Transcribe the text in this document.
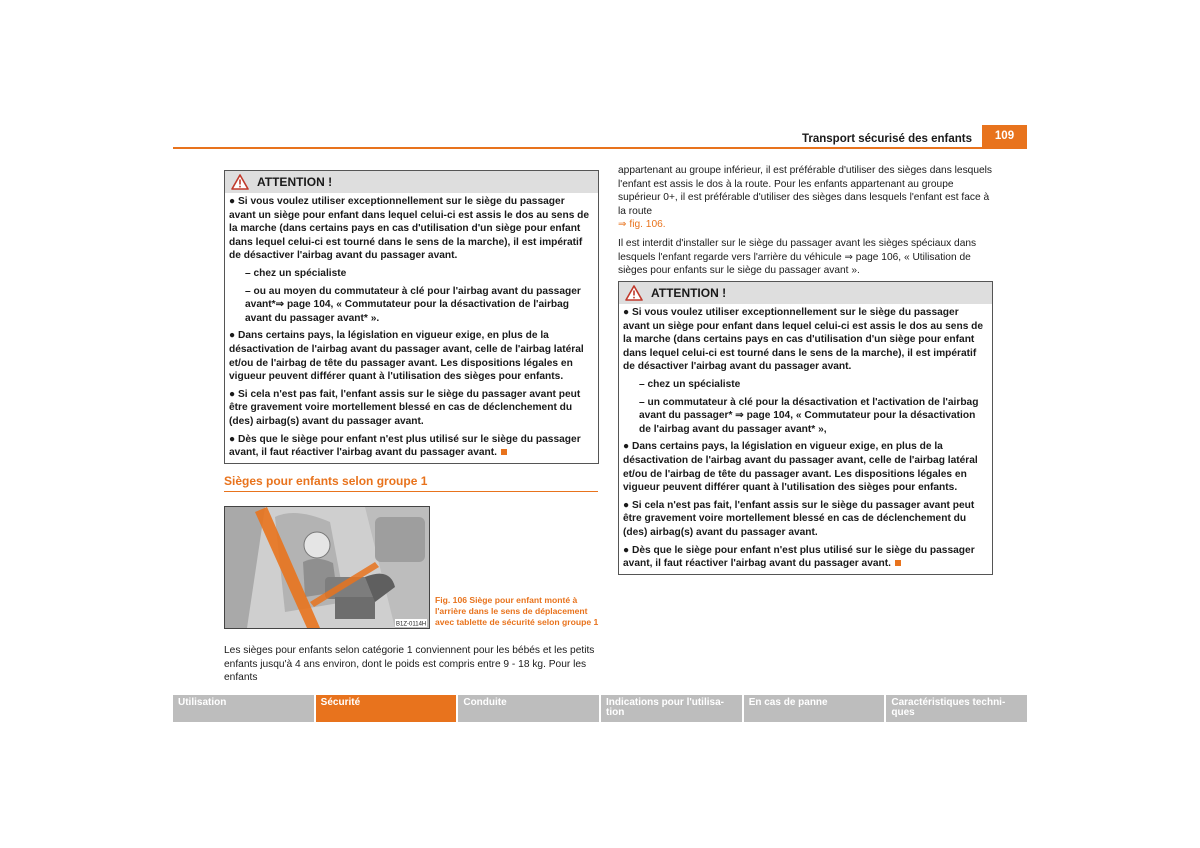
Transport sécurisé des enfants	109
ATTENTION !

● Si vous voulez utiliser exceptionnellement sur le siège du passager avant un siège pour enfant dans lequel celui-ci est assis le dos au sens de la marche (dans certains pays en cas d'utilisation d'un siège pour enfant dans lequel celui-ci est tourné dans le sens de la marche), il est impératif de désactiver l'airbag avant du passager avant.

– chez un spécialiste

– ou au moyen du commutateur à clé pour l'airbag avant du passager avant*⇒ page 104, « Commutateur pour la désactivation de l'airbag avant du passager avant* ».

● Dans certains pays, la législation en vigueur exige, en plus de la désactivation de l'airbag avant du passager avant, celle de l'airbag latéral et/ou de l'airbag de tête du passager avant. Les dispositions légales en vigueur peuvent différer quant à l'utilisation des sièges pour enfants.

● Si cela n'est pas fait, l'enfant assis sur le siège du passager avant peut être gravement voire mortellement blessé en cas de déclenchement du (des) airbag(s) avant du passager avant.

● Dès que le siège pour enfant n'est plus utilisé sur le siège du passager avant, il faut réactiver l'airbag avant du passager avant.

Sièges pour enfants selon groupe 1
B1Z-0114H
Fig. 106 Siège pour enfant monté à l'arrière dans le sens de déplacement avec tablette de sécurité selon groupe 1

Les sièges pour enfants selon catégorie 1 conviennent pour les bébés et les petits enfants jusqu'à 4 ans environ, dont le poids est compris entre 9 - 18 kg. Pour les enfants

appartenant au groupe inférieur, il est préférable d'utiliser des sièges dans lesquels l'enfant est assis le dos à la route. Pour les enfants appartenant au groupe supérieur 0+, il est préférable d'utiliser des sièges dans lesquels l'enfant est face à la route
⇒ fig. 106.

Il est interdit d'installer sur le siège du passager avant les sièges spéciaux dans lesquels l'enfant regarde vers l'arrière du véhicule ⇒ page 106, « Utilisation de sièges pour enfants sur le siège du passager avant ».

ATTENTION !

● Si vous voulez utiliser exceptionnellement sur le siège du passager avant un siège pour enfant dans lequel celui-ci est assis le dos au sens de la marche (dans certains pays en cas d'utilisation d'un siège pour enfant dans lequel celui-ci est tourné dans le sens de la marche), il est impératif de désactiver l'airbag avant du passager avant.

– chez un spécialiste

– un commutateur à clé pour la désactivation et l'activation de l'airbag avant du passager* ⇒ page 104, « Commutateur pour la désactivation de l'airbag avant du passager avant* »,

● Dans certains pays, la législation en vigueur exige, en plus de la désactivation de l'airbag avant du passager avant, celle de l'airbag latéral et/ou de l'airbag de tête du passager avant. Les dispositions légales en vigueur peuvent différer quant à l'utilisation des sièges pour enfants.

● Si cela n'est pas fait, l'enfant assis sur le siège du passager avant peut être gravement voire mortellement blessé en cas de déclenchement du (des) airbag(s) avant du passager avant.

● Dès que le siège pour enfant n'est plus utilisé sur le siège du passager avant, il faut réactiver l'airbag avant du passager avant.

Utilisation	Sécurité	Conduite	Indications pour l'utilisa-tion
En cas de panne	Caractéristiques techni-ques
